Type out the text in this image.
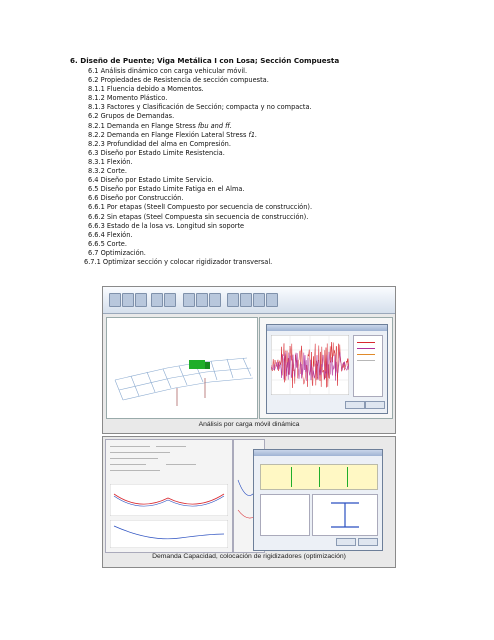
6. Diseño de Puente; Viga Metálica I con Losa; Sección Compuesta
6.1 Análisis dinámico con carga vehicular móvil.
6.2 Propiedades de Resistencia de sección compuesta.
8.1.1 Fluencia debido a Momentos.
8.1.2 Momento Plástico.
8.1.3 Factores y Clasificación de Sección; compacta y no compacta.
6.2 Grupos de Demandas.
8.2.1 Demanda en Flange Stress fbu and ff.
8.2.2 Demanda en Flange Flexión Lateral Stress f1.
8.2.3 Profundidad del alma en Compresión.
6.3 Diseño por Estado Limite Resistencia.
8.3.1 Flexión.
8.3.2 Corte.
6.4 Diseño por Estado Limite Servicio.
6.5 Diseño por Estado Limite Fatiga en el Alma.
6.6 Diseño por Construcción.
6.6.1 Por etapas (SteelI Compuesto por secuencia de construcción).
6.6.2 Sin etapas (Steel Compuesta sin secuencia de construcción).
6.6.3 Estado de la losa vs. Longitud sin soporte
6.6.4 Flexión.
6.6.5 Corte.
6.7 Optimización.
6.7.1 Optimizar sección y colocar rigidizador transversal.
Análisis por carga móvil dinámica
Demanda Capacidad, colocación de rigidizadores (optimización)
